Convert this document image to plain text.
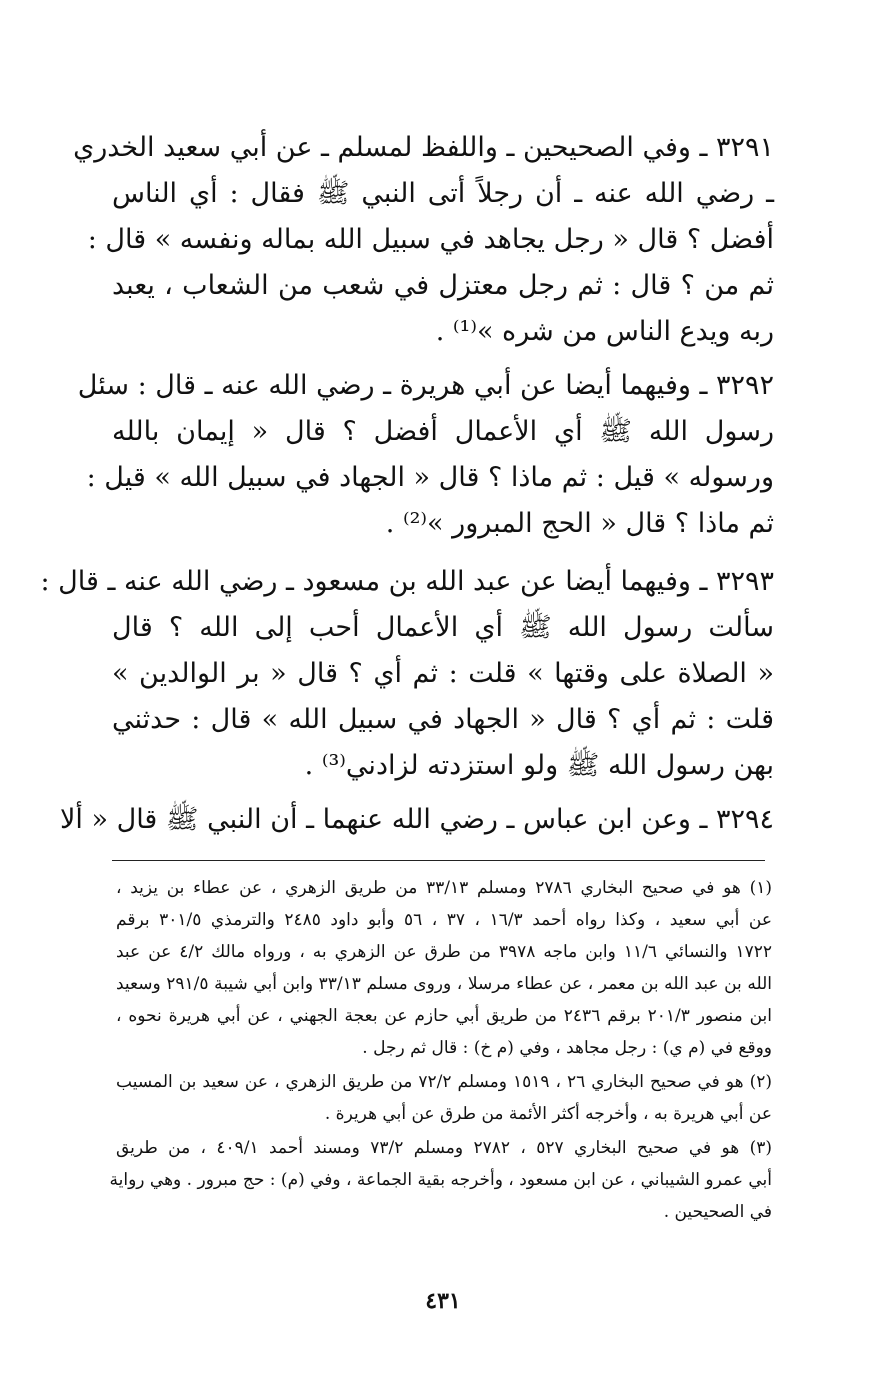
٣٢٩١ ـ وفي الصحيحين ـ واللفظ لمسلم ـ عن أبي سعيد الخدري
ـ رضي الله عنه ـ أن رجلاً أتى النبي ﷺ فقال : أي الناس
أفضل ؟ قال « رجل يجاهد في سبيل الله بماله ونفسه » قال :
ثم من ؟ قال : ثم رجل معتزل في شعب من الشعاب ، يعبد
ربه ويدع الناس من شره »⁽¹⁾ .
٣٢٩٢ ـ وفيهما أيضا عن أبي هريرة ـ رضي الله عنه ـ قال : سئل
رسول الله ﷺ أي الأعمال أفضل ؟ قال « إيمان بالله
ورسوله » قيل : ثم ماذا ؟ قال « الجهاد في سبيل الله » قيل :
ثم ماذا ؟ قال « الحج المبرور »⁽²⁾ .
٣٢٩٣ ـ وفيهما أيضا عن عبد الله بن مسعود ـ رضي الله عنه ـ قال :
سألت رسول الله ﷺ أي الأعمال أحب إلى الله ؟ قال
« الصلاة على وقتها » قلت : ثم أي ؟ قال « بر الوالدين »
قلت : ثم أي ؟ قال « الجهاد في سبيل الله » قال : حدثني
بهن رسول الله ﷺ ولو استزدته لزادني⁽³⁾ .
٣٢٩٤ ـ وعن ابن عباس ـ رضي الله عنهما ـ أن النبي ﷺ قال « ألا
(١) هو في صحيح البخاري ٢٧٨٦ ومسلم ٣٣/١٣ من طريق الزهري ، عن عطاء بن يزيد ،
عن أبي سعيد ، وكذا رواه أحمد ١٦/٣ ، ٣٧ ، ٥٦ وأبو داود ٢٤٨٥ والترمذي ٣٠١/٥ برقم
١٧٢٢ والنسائي ١١/٦ وابن ماجه ٣٩٧٨ من طرق عن الزهري به ، ورواه مالك ٤/٢ عن عبد
الله بن عبد الله بن معمر ، عن عطاء مرسلا ، وروى مسلم ٣٣/١٣ وابن أبي شيبة ٢٩١/٥ وسعيد
ابن منصور ٢٠١/٣ برقم ٢٤٣٦ من طريق أبي حازم عن بعجة الجهني ، عن أبي هريرة نحوه ،
ووقع في (م ي) : رجل مجاهد ، وفي (م خ) : قال ثم رجل .
(٢) هو في صحيح البخاري ٢٦ ، ١٥١٩ ومسلم ٧٢/٢ من طريق الزهري ، عن سعيد بن المسيب
عن أبي هريرة به ، وأخرجه أكثر الأئمة من طرق عن أبي هريرة .
(٣) هو في صحيح البخاري ٥٢٧ ، ٢٧٨٢ ومسلم ٧٣/٢ ومسند أحمد ٤٠٩/١ ، من طريق
أبي عمرو الشيباني ، عن ابن مسعود ، وأخرجه بقية الجماعة ، وفي (م) : حج مبرور . وهي رواية
في الصحيحين .
٤٣١
